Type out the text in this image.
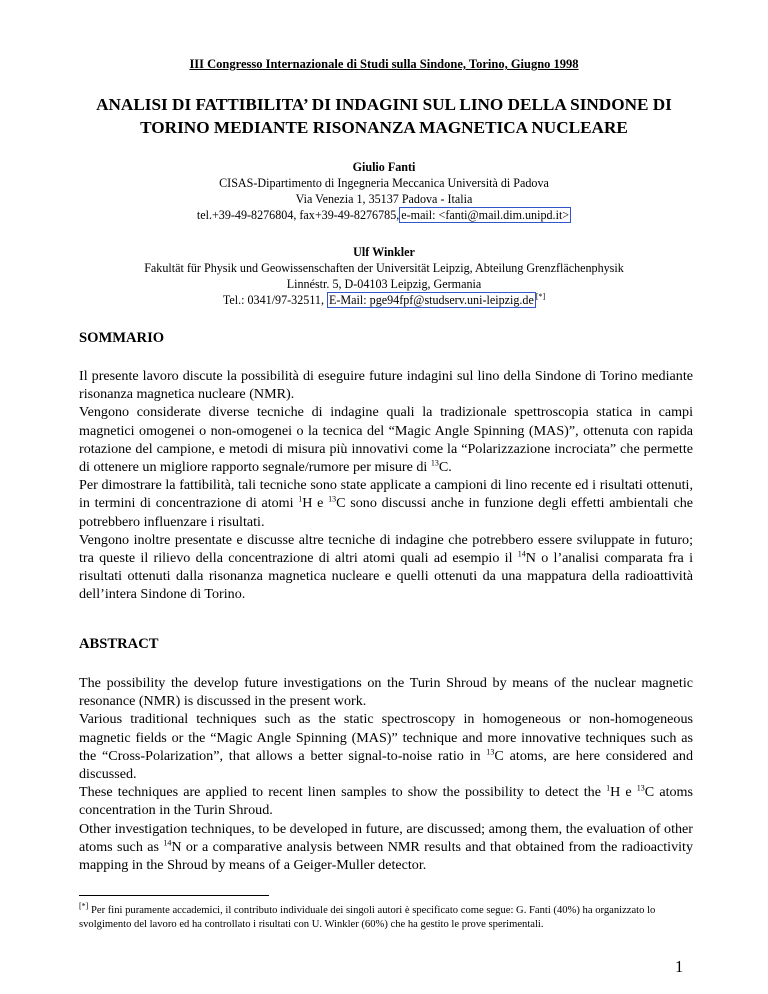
III Congresso Internazionale di Studi sulla Sindone, Torino, Giugno 1998
ANALISI DI FATTIBILITA’ DI INDAGINI SUL LINO DELLA SINDONE DI TORINO MEDIANTE RISONANZA MAGNETICA NUCLEARE
Giulio Fanti
CISAS-Dipartimento di Ingegneria Meccanica Università di Padova
Via Venezia 1, 35137 Padova - Italia
tel.+39-49-8276804, fax+39-49-8276785, e-mail: <fanti@mail.dim.unipd.it>
Ulf Winkler
Fakultät für Physik und Geowissenschaften der Universität Leipzig, Abteilung Grenzflächenphysik
Linnéstr. 5, D-04103 Leipzig, Germania
Tel.: 0341/97-32511, E-Mail: pge94fpf@studserv.uni-leipzig.de [*]
SOMMARIO

Il presente lavoro discute la possibilità di eseguire future indagini sul lino della Sindone di Torino mediante risonanza magnetica nucleare (NMR).

Vengono considerate diverse tecniche di indagine quali la tradizionale spettroscopia statica in campi magnetici omogenei o non-omogenei o la tecnica del “Magic Angle Spinning (MAS)”, ottenuta con rapida rotazione del campione, e metodi di misura più innovativi come la “Polarizzazione incrociata” che permette di ottenere un migliore rapporto segnale/rumore per misure di $^{13}$C.

Per dimostrare la fattibilità, tali tecniche sono state applicate a campioni di lino recente ed i risultati ottenuti, in termini di concentrazione di atomi $^1$H e $^{13}$C sono discussi anche in funzione degli effetti ambientali che potrebbero influenzare i risultati.

Vengono inoltre presentate e discusse altre tecniche di indagine che potrebbero essere sviluppate in futuro; tra queste il rilievo della concentrazione di altri atomi quali ad esempio il $^{14}$N o l’analisi comparata fra i risultati ottenuti dalla risonanza magnetica nucleare e quelli ottenuti da una mappatura della radioattività dell’intera Sindone di Torino.

ABSTRACT

The possibility the develop future investigations on the Turin Shroud by means of the nuclear magnetic resonance (NMR) is discussed in the present work.

Various traditional techniques such as the static spectroscopy in homogeneous or non-homogeneous magnetic fields or the “Magic Angle Spinning (MAS)” technique and more innovative techniques such as the “Cross-Polarization”, that allows a better signal-to-noise ratio in $^{13}$C atoms, are here considered and discussed.

These techniques are applied to recent linen samples to show the possibility to detect the $^1$H e $^{13}$C atoms concentration in the Turin Shroud.

Other investigation techniques, to be developed in future, are discussed; among them, the evaluation of other atoms such as $^{14}$N or a comparative analysis between NMR results and that obtained from the radioactivity mapping in the Shroud by means of a Geiger-Muller detector.

[*] Per fini puramente accademici, il contributo individuale dei singoli autori è specificato come segue: G. Fanti (40%) ha organizzato lo svolgimento del lavoro ed ha controllato i risultati con U. Winkler (60%) che ha gestito le prove sperimentali.
1
